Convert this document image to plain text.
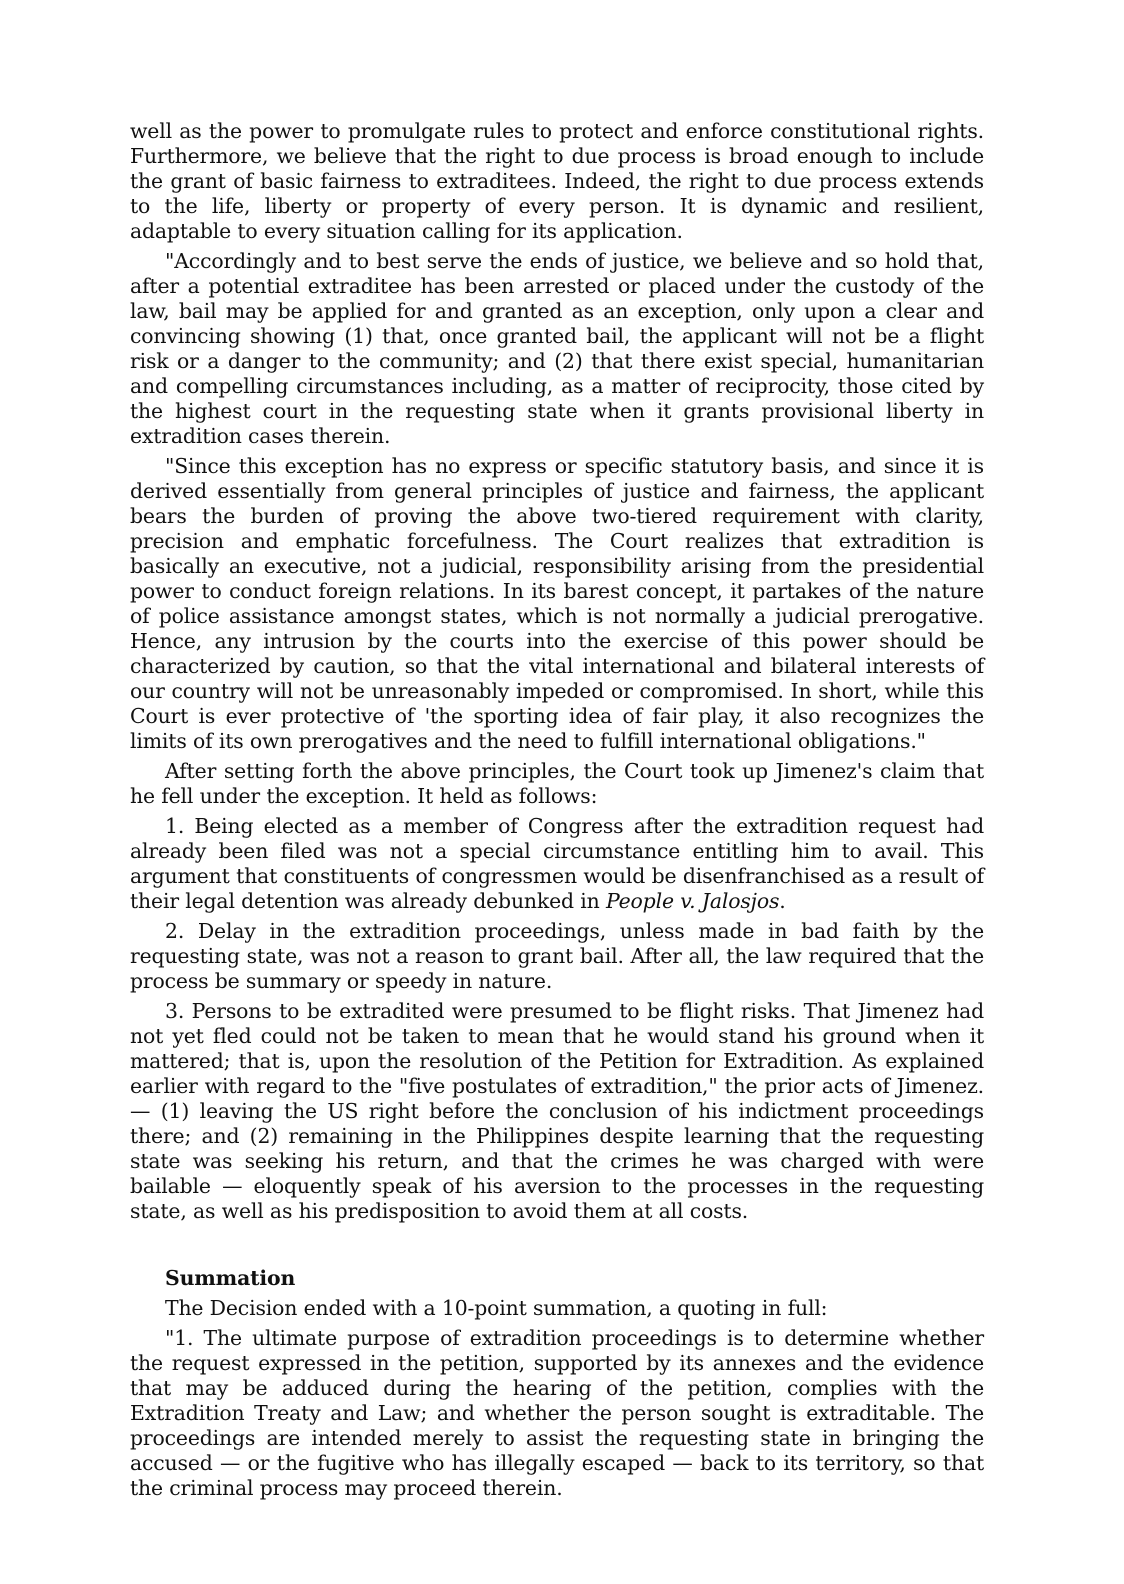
well as the power to promulgate rules to protect and enforce constitutional rights. Furthermore, we believe that the right to due process is broad enough to include the grant of basic fairness to extraditees. Indeed, the right to due process extends to the life, liberty or property of every person. It is dynamic and resilient, adaptable to every situation calling for its application.

"Accordingly and to best serve the ends of justice, we believe and so hold that, after a potential extraditee has been arrested or placed under the custody of the law, bail may be applied for and granted as an exception, only upon a clear and convincing showing (1) that, once granted bail, the applicant will not be a flight risk or a danger to the community; and (2) that there exist special, humanitarian and compelling circumstances including, as a matter of reciprocity, those cited by the highest court in the requesting state when it grants provisional liberty in extradition cases therein.

"Since this exception has no express or specific statutory basis, and since it is derived essentially from general principles of justice and fairness, the applicant bears the burden of proving the above two-tiered requirement with clarity, precision and emphatic forcefulness. The Court realizes that extradition is basically an executive, not a judicial, responsibility arising from the presidential power to conduct foreign relations. In its barest concept, it partakes of the nature of police assistance amongst states, which is not normally a judicial prerogative. Hence, any intrusion by the courts into the exercise of this power should be characterized by caution, so that the vital international and bilateral interests of our country will not be unreasonably impeded or compromised. In short, while this Court is ever protective of 'the sporting idea of fair play, it also recognizes the limits of its own prerogatives and the need to fulfill international obligations."

After setting forth the above principles, the Court took up Jimenez's claim that he fell under the exception. It held as follows:

1. Being elected as a member of Congress after the extradition request had already been filed was not a special circumstance entitling him to avail. This argument that constituents of congressmen would be disenfranchised as a result of their legal detention was already debunked in People v. Jalosjos.

2. Delay in the extradition proceedings, unless made in bad faith by the requesting state, was not a reason to grant bail. After all, the law required that the process be summary or speedy in nature.

3. Persons to be extradited were presumed to be flight risks. That Jimenez had not yet fled could not be taken to mean that he would stand his ground when it mattered; that is, upon the resolution of the Petition for Extradition. As explained earlier with regard to the "five postulates of extradition," the prior acts of Jimenez. — (1) leaving the US right before the conclusion of his indictment proceedings there; and (2) remaining in the Philippines despite learning that the requesting state was seeking his return, and that the crimes he was charged with were bailable — eloquently speak of his aversion to the processes in the requesting state, as well as his predisposition to avoid them at all costs.

Summation

The Decision ended with a 10-point summation, a quoting in full:

"1. The ultimate purpose of extradition proceedings is to determine whether the request expressed in the petition, supported by its annexes and the evidence that may be adduced during the hearing of the petition, complies with the Extradition Treaty and Law; and whether the person sought is extraditable. The proceedings are intended merely to assist the requesting state in bringing the accused — or the fugitive who has illegally escaped — back to its territory, so that the criminal process may proceed therein.
